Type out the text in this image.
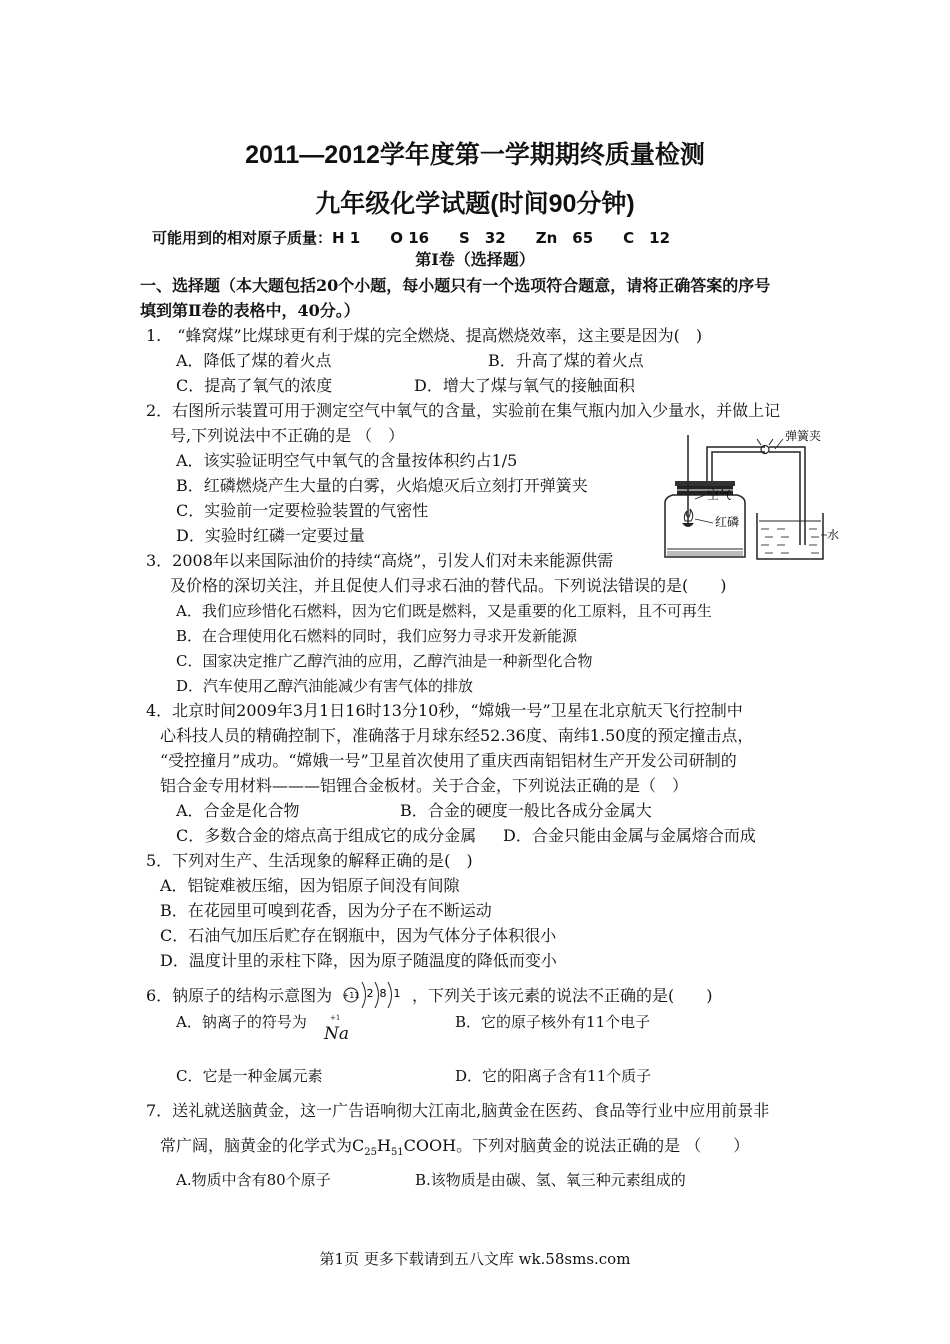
2011—2012学年度第一学期期终质量检测
九年级化学试题(时间90分钟)
可能用到的相对原子质量：H 1　　O 16　　S　32　　Zn　65　　C　12
第Ⅰ卷（选择题）
一、选择题（本大题包括20个小题，每小题只有一个选项符合题意，请将正确答案的序号
填到第Ⅱ卷的表格中，40分。）
1.　“蜂窝煤”比煤球更有利于煤的完全燃烧、提高燃烧效率，这主要是因为(　)
A．降低了煤的着火点	B．升高了煤的着火点
C．提高了氧气的浓度	D．增大了煤与氧气的接触面积
2．右图所示装置可用于测定空气中氧气的含量，实验前在集气瓶内加入少量水，并做上记
号,下列说法中不正确的是 （　）
A．该实验证明空气中氧气的含量按体积约占1/5
B．红磷燃烧产生大量的白雾，火焰熄灭后立刻打开弹簧夹
C．实验前一定要检验装置的气密性
D．实验时红磷一定要过量
弹簧夹
空气
红磷
水
3．2008年以来国际油价的持续“高烧”，引发人们对未来能源供需
及价格的深切关注，并且促使人们寻求石油的替代品。下列说法错误的是(　　)
A．我们应珍惜化石燃料，因为它们既是燃料，又是重要的化工原料，且不可再生
B．在合理使用化石燃料的同时，我们应努力寻求开发新能源
C．国家决定推广乙醇汽油的应用，乙醇汽油是一种新型化合物
D．汽车使用乙醇汽油能减少有害气体的排放
4．北京时间2009年3月1日16时13分10秒，“嫦娥一号”卫星在北京航天飞行控制中
心科技人员的精确控制下，准确落于月球东经52.36度、南纬1.50度的预定撞击点，
“受控撞月”成功。“嫦娥一号”卫星首次使用了重庆西南铝铝材生产开发公司研制的
铝合金专用材料———铝锂合金板材。关于合金，下列说法正确的是（　）
A．合金是化合物	B．合金的硬度一般比各成分金属大
C．多数合金的熔点高于组成它的成分金属 D．合金只能由金属与金属熔合而成
5．下列对生产、生活现象的解释正确的是(　)
A．铝锭难被压缩，因为铝原子间没有间隙
B．在花园里可嗅到花香，因为分子在不断运动
C．石油气加压后贮存在钢瓶中，因为气体分子体积很小
D．温度计里的汞柱下降，因为原子随温度的降低而变小
6．钠原子的结构示意图为 +11 2 8 1 ，下列关于该元素的说法不正确的是(　　)
A．钠离子的符号为	+1
Na
B．它的原子核外有11个电子
C．它是一种金属元素	D．它的阳离子含有11个质子
7．送礼就送脑黄金，这一广告语响彻大江南北,脑黄金在医药、食品等行业中应用前景非
常广阔，脑黄金的化学式为$C_{25}H_{51}COOH$。下列对脑黄金的说法正确的是 （　　）
A.物质中含有80个原子	B.该物质是由碳、氢、氧三种元素组成的
第1页 更多下载请到五八文库 wk.58sms.com
